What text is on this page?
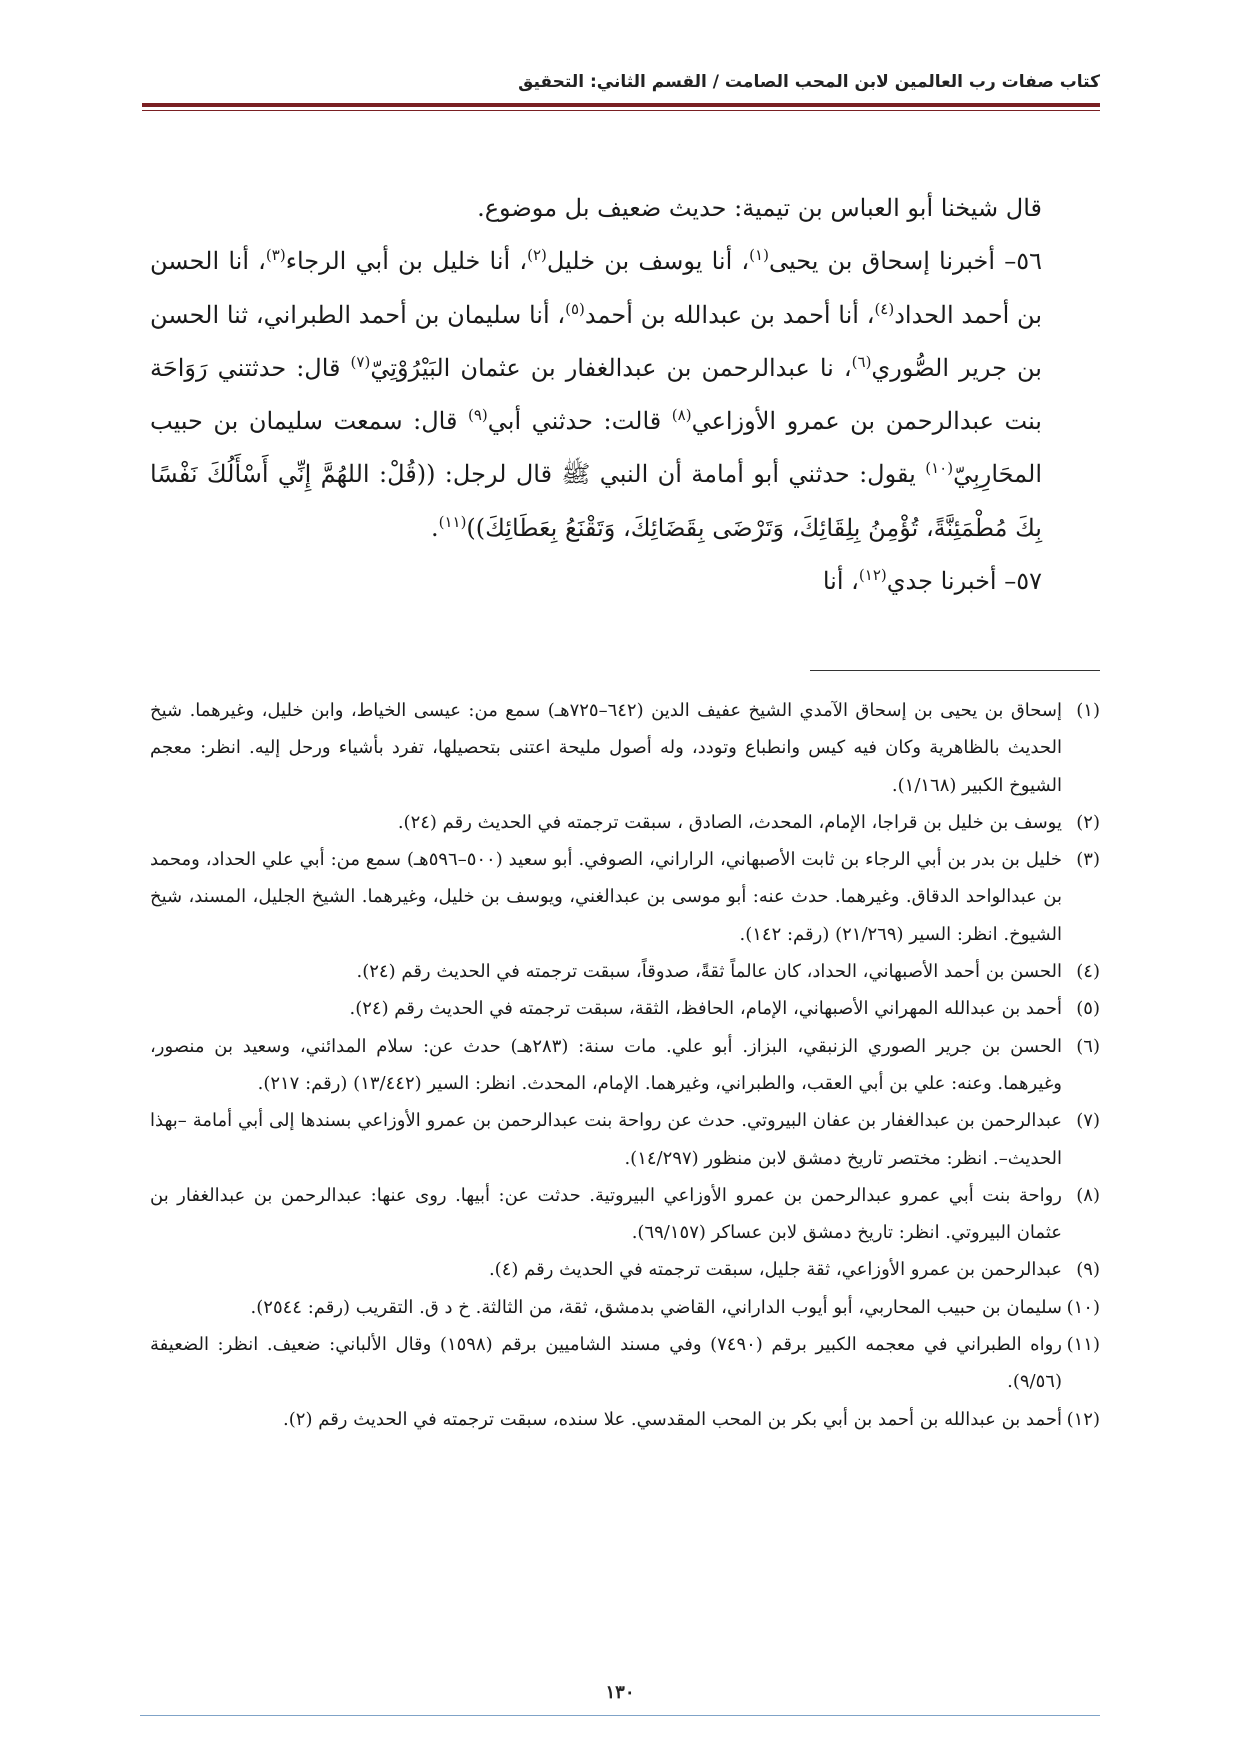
كتاب صفات رب العالمين لابن المحب الصامت / القسم الثاني: التحقيق

قال شيخنا أبو العباس بن تيمية: حديث ضعيف بل موضوع.

٥٦– أخبرنا إسحاق بن يحيى$^{(١)}$، أنا يوسف بن خليل$^{(٢)}$، أنا خليل بن أبي الرجاء$^{(٣)}$، أنا الحسن بن أحمد الحداد$^{(٤)}$، أنا أحمد بن عبدالله بن أحمد$^{(٥)}$، أنا سليمان بن أحمد الطبراني، ثنا الحسن بن جرير الصُّوري$^{(٦)}$، نا عبدالرحمن بن عبدالغفار بن عثمان البَيْرُوْتِيّ$^{(٧)}$ قال: حدثتني رَوَاحَة بنت عبدالرحمن بن عمرو الأوزاعي$^{(٨)}$ قالت: حدثني أبي$^{(٩)}$ قال: سمعت سليمان بن حبيب المحَارِبِيّ$^{(١٠)}$ يقول: حدثني أبو أمامة أن النبي ﷺ قال لرجل: ((قُلْ: اللهُمَّ إِنِّي أَسْأَلُكَ نَفْسًا بِكَ مُطْمَئِنَّةً، تُؤْمِنُ بِلِقَائِكَ، وَتَرْضَى بِقَضَائِكَ، وَتَقْنَعُ بِعَطَائِكَ))$^{(١١)}$.

٥٧– أخبرنا جدي$^{(١٢)}$، أنا

(١)
إسحاق بن يحيى بن إسحاق الآمدي الشيخ عفيف الدين (٦٤٢–٧٢٥هـ) سمع من: عيسى الخياط، وابن خليل، وغيرهما. شيخ الحديث بالظاهرية وكان فيه كيس وانطباع وتودد، وله أصول مليحة اعتنى بتحصيلها، تفرد بأشياء ورحل إليه. انظر: معجم الشيوخ الكبير (١/١٦٨).

(٢)
يوسف بن خليل بن قراجا، الإمام، المحدث، الصادق ، سبقت ترجمته في الحديث رقم (٢٤).

(٣)
خليل بن بدر بن أبي الرجاء بن ثابت الأصبهاني، الراراني، الصوفي. أبو سعيد (٥٠٠–٥٩٦هـ) سمع من: أبي علي الحداد، ومحمد بن عبدالواحد الدقاق. وغيرهما. حدث عنه: أبو موسى بن عبدالغني، ويوسف بن خليل، وغيرهما. الشيخ الجليل، المسند، شيخ الشيوخ. انظر: السير (٢١/٢٦٩) (رقم: ١٤٢).

(٤)
الحسن بن أحمد الأصبهاني، الحداد، كان عالماً ثقةً، صدوقاً، سبقت ترجمته في الحديث رقم (٢٤).

(٥)
أحمد بن عبدالله المهراني الأصبهاني، الإمام، الحافظ، الثقة، سبقت ترجمته في الحديث رقم (٢٤).

(٦)
الحسن بن جرير الصوري الزنبقي، البزاز. أبو علي. مات سنة: (٢٨٣هـ) حدث عن: سلام المدائني، وسعيد بن منصور، وغيرهما. وعنه: علي بن أبي العقب، والطبراني، وغيرهما. الإمام، المحدث. انظر: السير (١٣/٤٤٢) (رقم: ٢١٧).

(٧)
عبدالرحمن بن عبدالغفار بن عفان البيروتي. حدث عن رواحة بنت عبدالرحمن بن عمرو الأوزاعي بسندها إلى أبي أمامة –بهذا الحديث–. انظر: مختصر تاريخ دمشق لابن منظور (١٤/٢٩٧).

(٨)
رواحة بنت أبي عمرو عبدالرحمن بن عمرو الأوزاعي البيروتية. حدثت عن: أبيها. روى عنها: عبدالرحمن بن عبدالغفار بن عثمان البيروتي. انظر: تاريخ دمشق لابن عساكر (٦٩/١٥٧).

(٩)
عبدالرحمن بن عمرو الأوزاعي، ثقة جليل، سبقت ترجمته في الحديث رقم (٤).

(١٠)
سليمان بن حبيب المحاربي، أبو أيوب الداراني، القاضي بدمشق، ثقة، من الثالثة. خ د ق. التقريب (رقم: ٢٥٤٤).

(١١)
رواه الطبراني في معجمه الكبير برقم (٧٤٩٠) وفي مسند الشاميين برقم (١٥٩٨) وقال الألباني: ضعيف. انظر: الضعيفة (٩/٥٦).

(١٢)
أحمد بن عبدالله بن أحمد بن أبي بكر بن المحب المقدسي. علا سنده، سبقت ترجمته في الحديث رقم (٢).

١٣٠
